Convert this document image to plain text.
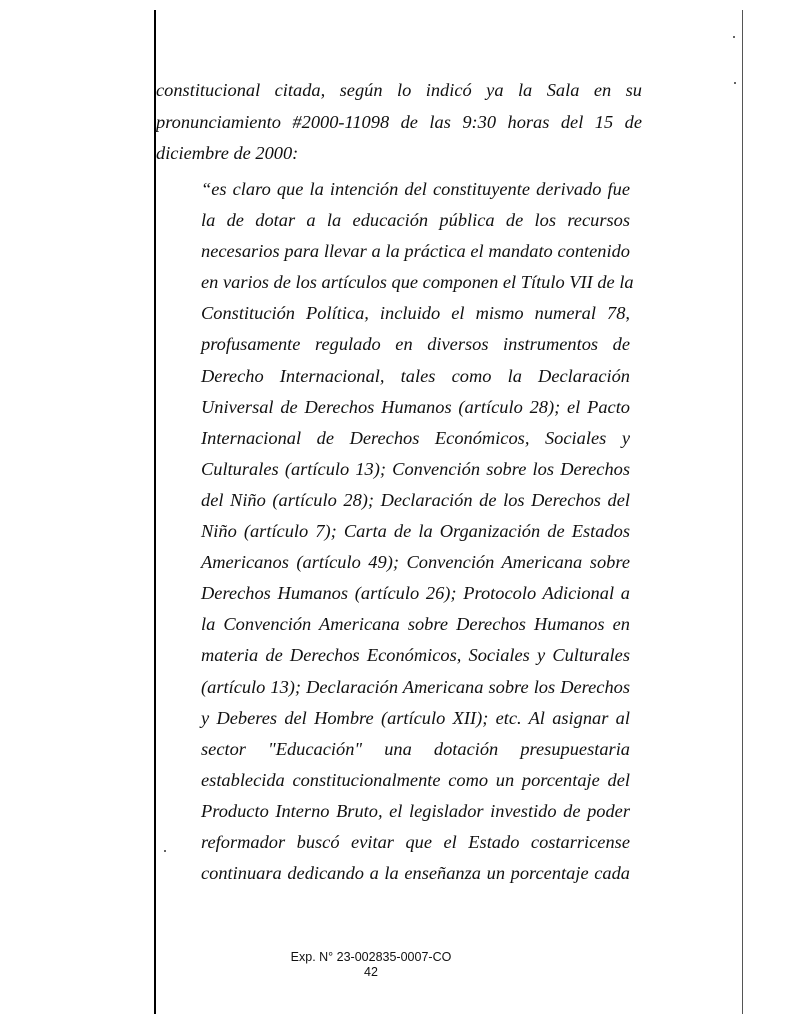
constitucional citada, según lo indicó ya la Sala en su
pronunciamiento #2000-11098 de las 9:30 horas del 15 de
diciembre de 2000:
“es claro que la intención del constituyente derivado fue
la de dotar a la educación pública de los recursos
necesarios para llevar a la práctica el mandato contenido
en varios de los artículos que componen el Título VII de la
Constitución Política, incluido el mismo numeral 78,
profusamente regulado en diversos instrumentos de
Derecho Internacional, tales como la Declaración
Universal de Derechos Humanos (artículo 28); el Pacto
Internacional de Derechos Económicos, Sociales y
Culturales (artículo 13); Convención sobre los Derechos
del Niño (artículo 28); Declaración de los Derechos del
Niño (artículo 7); Carta de la Organización de Estados
Americanos (artículo 49); Convención Americana sobre
Derechos Humanos (artículo 26); Protocolo Adicional a
la Convención Americana sobre Derechos Humanos en
materia de Derechos Económicos, Sociales y Culturales
(artículo 13); Declaración Americana sobre los Derechos
y Deberes del Hombre (artículo XII); etc. Al asignar al
sector "Educación" una dotación presupuestaria
establecida constitucionalmente como un porcentaje del
Producto Interno Bruto, el legislador investido de poder
reformador buscó evitar que el Estado costarricense
continuara dedicando a la enseñanza un porcentaje cada
Exp. N° 23-002835-0007-CO
42
